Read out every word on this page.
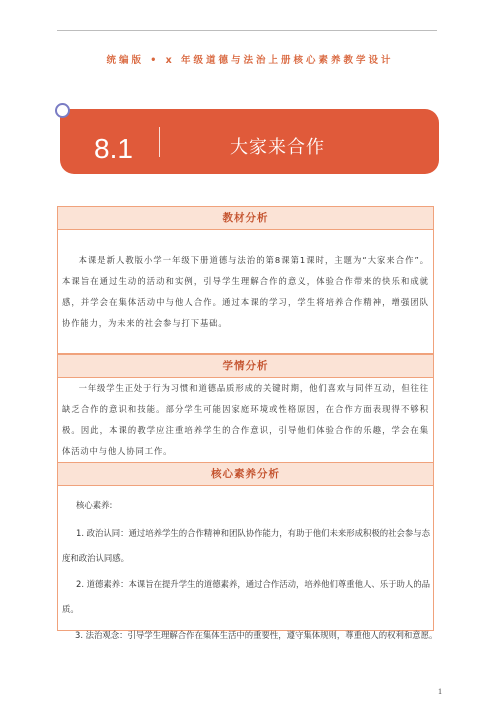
统编版 • x 年级道德与法治上册核心素养教学设计
8.1	大家来合作
教材分析

本课是新人教版小学一年级下册道德与法治的第8课第1课时，主题为“大家来合作”。本课旨在通过生动的活动和实例，引导学生理解合作的意义，体验合作带来的快乐和成就感，并学会在集体活动中与他人合作。通过本课的学习，学生将培养合作精神，增强团队协作能力，为未来的社会参与打下基础。

学情分析

一年级学生正处于行为习惯和道德品质形成的关键时期，他们喜欢与同伴互动，但往往缺乏合作的意识和技能。部分学生可能因家庭环境或性格原因，在合作方面表现得不够积极。因此，本课的教学应注重培养学生的合作意识，引导他们体验合作的乐趣，学会在集体活动中与他人协同工作。

核心素养分析
核心素养:
1. 政治认同：通过培养学生的合作精神和团队协作能力，有助于他们未来形成积极的社会参与态
度和政治认同感。
2. 道德素养：本课旨在提升学生的道德素养，通过合作活动，培养他们尊重他人、乐于助人的品
质。
3. 法治观念：引导学生理解合作在集体生活中的重要性，遵守集体规则，尊重他人的权利和意愿。
1
